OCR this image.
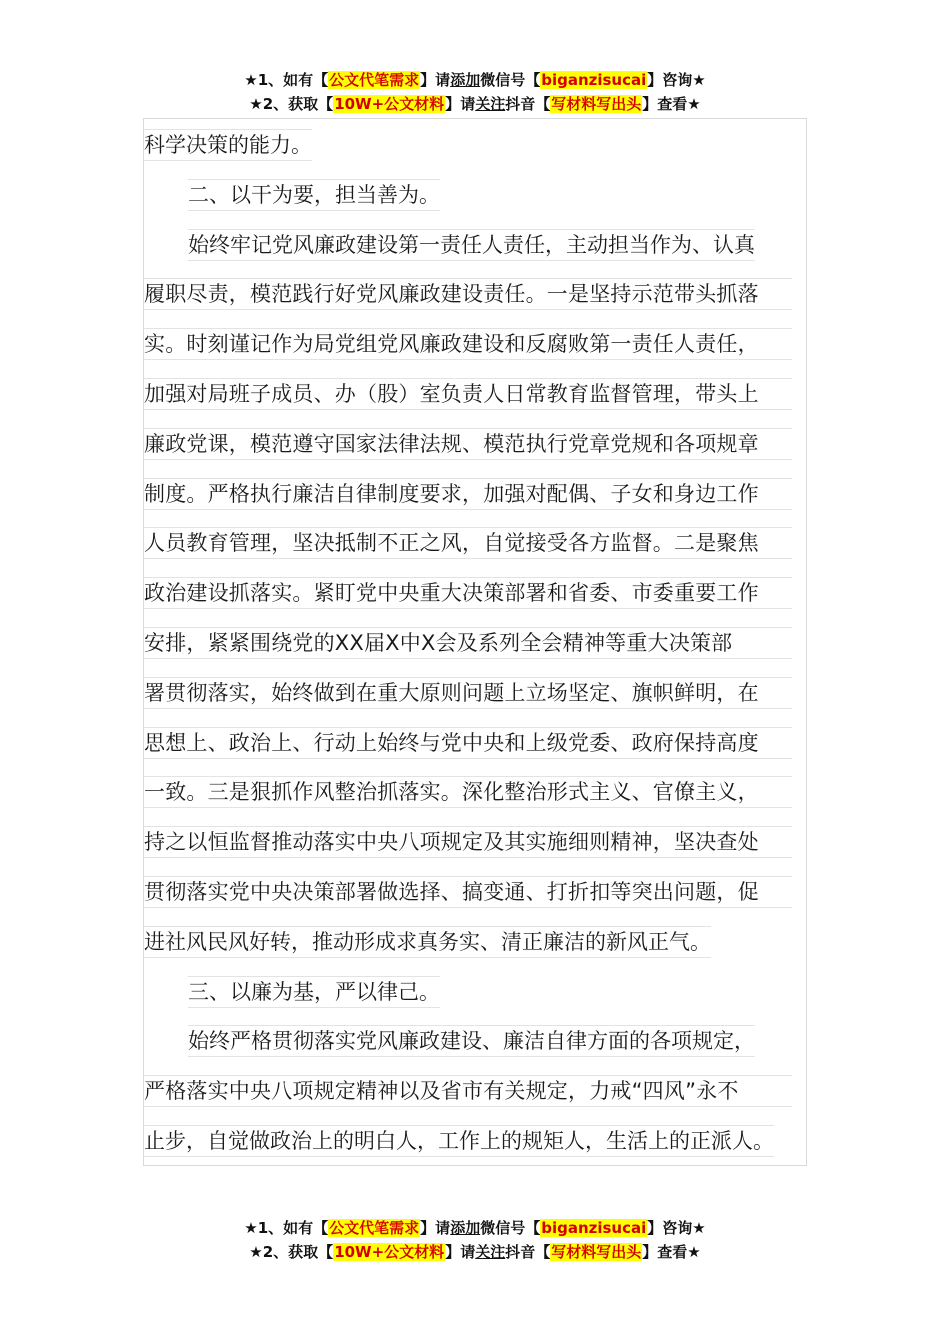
★1、如有【公文代笔需求】请添加微信号【biganzisucai】咨询★
★2、获取【10W+公文材料】请关注抖音【写材料写出头】查看★
科学决策的能力。
二、以干为要，担当善为。
始终牢记党风廉政建设第一责任人责任，主动担当作为、认真
履职尽责，模范践行好党风廉政建设责任。一是坚持示范带头抓落
实。时刻谨记作为局党组党风廉政建设和反腐败第一责任人责任，
加强对局班子成员、办（股）室负责人日常教育监督管理，带头上
廉政党课，模范遵守国家法律法规、模范执行党章党规和各项规章
制度。严格执行廉洁自律制度要求，加强对配偶、子女和身边工作
人员教育管理，坚决抵制不正之风，自觉接受各方监督。二是聚焦
政治建设抓落实。紧盯党中央重大决策部署和省委、市委重要工作
安排，紧紧围绕党的XX届X中X会及系列全会精神等重大决策部
署贯彻落实，始终做到在重大原则问题上立场坚定、旗帜鲜明，在
思想上、政治上、行动上始终与党中央和上级党委、政府保持高度
一致。三是狠抓作风整治抓落实。深化整治形式主义、官僚主义，
持之以恒监督推动落实中央八项规定及其实施细则精神，坚决查处
贯彻落实党中央决策部署做选择、搞变通、打折扣等突出问题，促
进社风民风好转，推动形成求真务实、清正廉洁的新风正气。
三、以廉为基，严以律己。
始终严格贯彻落实党风廉政建设、廉洁自律方面的各项规定，
严格落实中央八项规定精神以及省市有关规定，力戒“四风”永不
止步，自觉做政治上的明白人，工作上的规矩人，生活上的正派人。
★1、如有【公文代笔需求】请添加微信号【biganzisucai】咨询★
★2、获取【10W+公文材料】请关注抖音【写材料写出头】查看★
